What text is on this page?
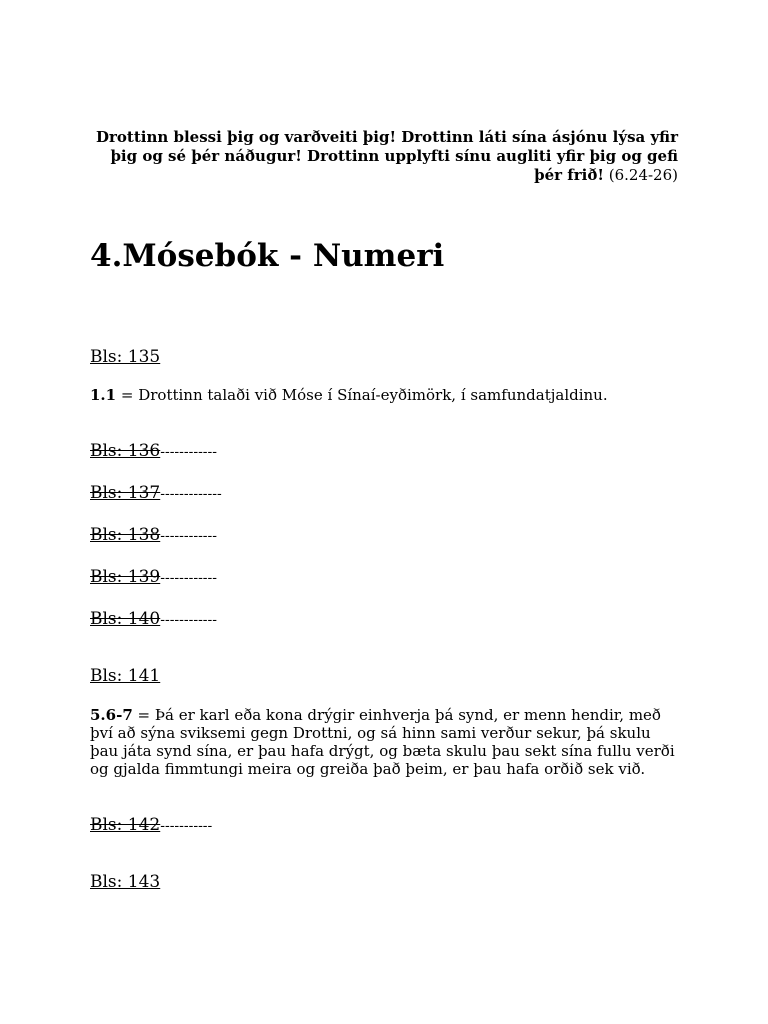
Drottinn blessi þig og varðveiti þig! Drottinn láti sína ásjónu lýsa yfir þig og sé þér náðugur! Drottinn upplyfti sínu augliti yfir þig og gefi þér frið! (6.24-26)
4.Mósebók - Numeri
Bls: 135
1.1 = Drottinn talaði við Móse í Sínaí-eyðimörk, í samfundatjaldinu.
Bls: 136------------
Bls: 137-------------
Bls: 138------------
Bls: 139------------
Bls: 140------------
Bls: 141
5.6-7 = Þá er karl eða kona drýgir einhverja þá synd, er menn hendir, með því að sýna sviksemi gegn Drottni, og sá hinn sami verður sekur, þá skulu þau játa synd sína, er þau hafa drýgt, og bæta skulu þau sekt sína fullu verði og gjalda fimmtungi meira og greiða það þeim, er þau hafa orðið sek við.
Bls: 142-----------
Bls: 143
